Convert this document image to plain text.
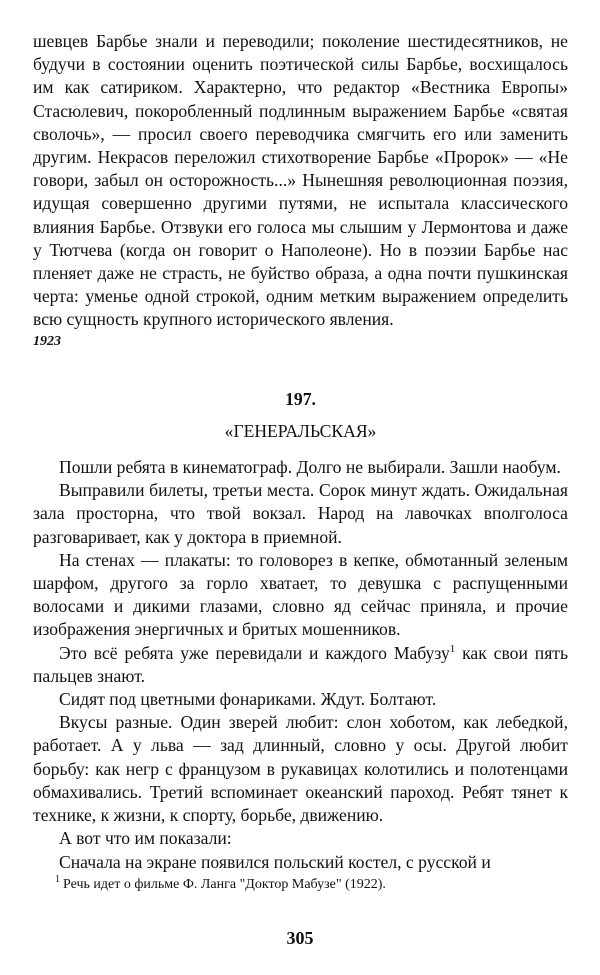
шевцев Барбье знали и переводили; поколение шестидесятников, не будучи в состоянии оценить поэтической силы Барбье, восхищалось им как сатириком. Характерно, что редактор «Вестника Европы» Стасюлевич, покоробленный подлинным выражением Барбье «святая сволочь», — просил своего переводчика смягчить его или заменить другим. Некрасов переложил стихотворение Барбье «Пророк» — «Не говори, забыл он осторожность...» Нынешняя революционная поэзия, идущая совершенно другими путями, не испытала классического влияния Барбье. Отзвуки его голоса мы слышим у Лермонтова и даже у Тютчева (когда он говорит о Наполеоне). Но в поэзии Барбье нас пленяет даже не страсть, не буйство образа, а одна почти пушкинская черта: уменье одной строкой, одним метким выражением определить всю сущность крупного исторического явления.

1923

197.
«ГЕНЕРАЛЬСКАЯ»

Пошли ребята в кинематограф. Долго не выбирали. Зашли наобум.

Выправили билеты, третьи места. Сорок минут ждать. Ожидальная зала просторна, что твой вокзал. Народ на лавочках вполголоса разговаривает, как у доктора в приемной.

На стенах — плакаты: то головорез в кепке, обмотанный зеленым шарфом, другого за горло хватает, то девушка с распущенными волосами и дикими глазами, словно яд сейчас приняла, и прочие изображения энергичных и бритых мошенников.

Это всё ребята уже перевидали и каждого Мабузу$^1$ как свои пять пальцев знают.

Сидят под цветными фонариками. Ждут. Болтают.

Вкусы разные. Один зверей любит: слон хоботом, как лебедкой, работает. А у льва — зад длинный, словно у осы. Другой любит борьбу: как негр с французом в рукавицах колотились и полотенцами обмахивались. Третий вспоминает океанский пароход. Ребят тянет к технике, к жизни, к спорту, борьбе, движению.

А вот что им показали:

Сначала на экране появился польский костел, с русской и

$^1$ Речь идет о фильме Ф. Ланга "Доктор Мабузе" (1922).
305
